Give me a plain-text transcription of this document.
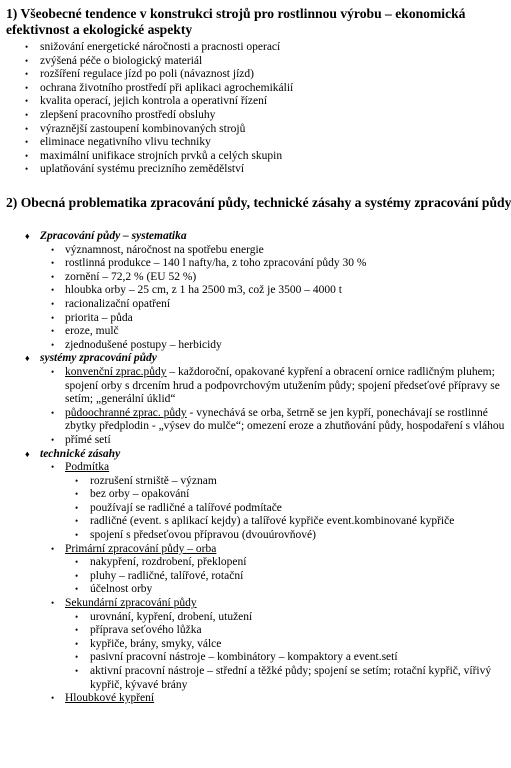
1) Všeobecné tendence v konstrukci strojů pro rostlinnou výrobu – ekonomická efektivnost a ekologické aspekty
• snižování energetické náročnosti a pracnosti operací
• zvýšená péče o biologický materiál
• rozšíření regulace jízd po poli (návaznost jízd)
• ochrana životního prostředí při aplikaci agrochemikálií
• kvalita operací, jejich kontrola a operativní řízení
• zlepšení pracovního prostředí obsluhy
• výraznější zastoupení kombinovaných strojů
• eliminace negativního vlivu techniky
• maximální unifikace strojních prvků a celých skupin
• uplatňování systému precizního zemědělství
2) Obecná problematika zpracování půdy, technické zásahy a systémy zpracování půdy
♦ Zpracování půdy – systematika
• významnost, náročnost na spotřebu energie
• rostlinná produkce – 140 l nafty/ha, z toho zpracování půdy 30 %
• zornění – 72,2 % (EU 52 %)
• hloubka orby – 25 cm, z 1 ha 2500 m3, což je 3500 – 4000 t
• racionalizační opatření
• priorita – půda
• eroze, mulč
• zjednodušené postupy – herbicidy
♦ systémy zpracování půdy
• konvenční zprac.půdy – každoroční, opakované kypření a obracení ornice radličným pluhem; spojení orby s drcením hrud a podpovrchovým utužením půdy; spojení předseťové přípravy se setím; „generální úklid“
• půdoochranné zprac. půdy - vynechává se orba, šetrně se jen kypří, ponechávají se rostlinné zbytky předplodin - „výsev do mulče“; omezení eroze a zhutňování půdy, hospodaření s vláhou
• přímé setí
♦ technické zásahy
• Podmítka
• rozrušení strniště – význam
• bez orby – opakování
• používají se radličné a talířové podmítače
• radličné (event. s aplikací kejdy) a talířové kypřiče event.kombinované kypřiče
• spojení s předseťovou přípravou (dvouúrovňové)
• Primární zpracování půdy – orba
• nakypření, rozdrobení, překlopení
• pluhy – radličné, talířové, rotační
• účelnost orby
• Sekundární zpracování půdy
• urovnání, kypření, drobení, utužení
• příprava seťového lůžka
• kypřiče, brány, smyky, válce
• pasivní pracovní nástroje – kombinátory – kompaktory a event.setí
• aktivní pracovní nástroje – střední a těžké půdy; spojení se setím; rotační kypřič, vířivý kypřič, kývavé brány
• Hloubkové kypření
